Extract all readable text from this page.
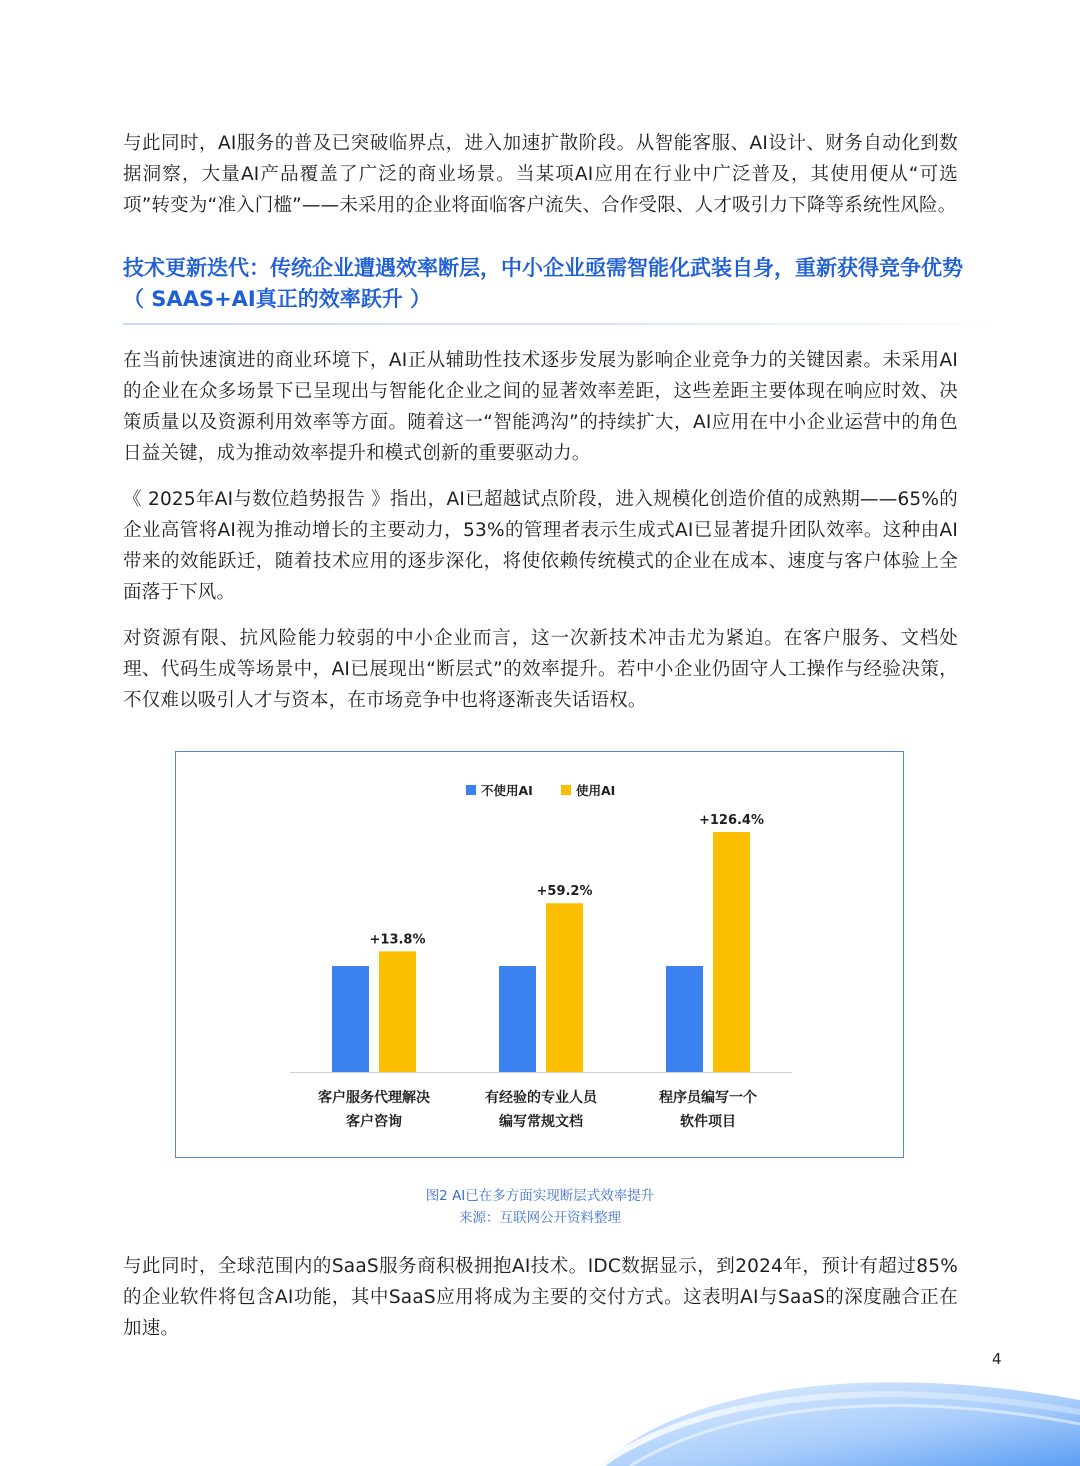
与此同时，AI服务的普及已突破临界点，进入加速扩散阶段。从智能客服、AI设计、财务自动化到数据洞察，大量AI产品覆盖了广泛的商业场景。当某项AI应用在行业中广泛普及，其使用便从“可选项”转变为“准入门槛”——未采用的企业将面临客户流失、合作受限、人才吸引力下降等系统性风险。

技术更新迭代：传统企业遭遇效率断层，中小企业亟需智能化武装自身，重新获得竞争优势（ SAAS+AI真正的效率跃升 ）

在当前快速演进的商业环境下，AI正从辅助性技术逐步发展为影响企业竞争力的关键因素。未采用AI的企业在众多场景下已呈现出与智能化企业之间的显著效率差距，这些差距主要体现在响应时效、决策质量以及资源利用效率等方面。随着这一“智能鸿沟”的持续扩大，AI应用在中小企业运营中的角色日益关键，成为推动效率提升和模式创新的重要驱动力。

《 2025年AI与数位趋势报告 》指出，AI已超越试点阶段，进入规模化创造价值的成熟期——65%的企业高管将AI视为推动增长的主要动力，53%的管理者表示生成式AI已显著提升团队效率。这种由AI带来的效能跃迁，随着技术应用的逐步深化，将使依赖传统模式的企业在成本、速度与客户体验上全面落于下风。

对资源有限、抗风险能力较弱的中小企业而言，这一次新技术冲击尤为紧迫。在客户服务、文档处理、代码生成等场景中，AI已展现出“断层式”的效率提升。若中小企业仍固守人工操作与经验决策，不仅难以吸引人才与资本，在市场竞争中也将逐渐丧失话语权。

不使用AI	使用AI
+13.8%
客户服务代理解决
客户咨询
+59.2%
有经验的专业人员
编写常规文档
+126.4%
程序员编写一个
软件项目

图2 AI已在多方面实现断层式效率提升

来源：互联网公开资料整理

与此同时，全球范围内的SaaS服务商积极拥抱AI技术。IDC数据显示，到2024年，预计有超过85%的企业软件将包含AI功能，其中SaaS应用将成为主要的交付方式。这表明AI与SaaS的深度融合正在加速。

4
